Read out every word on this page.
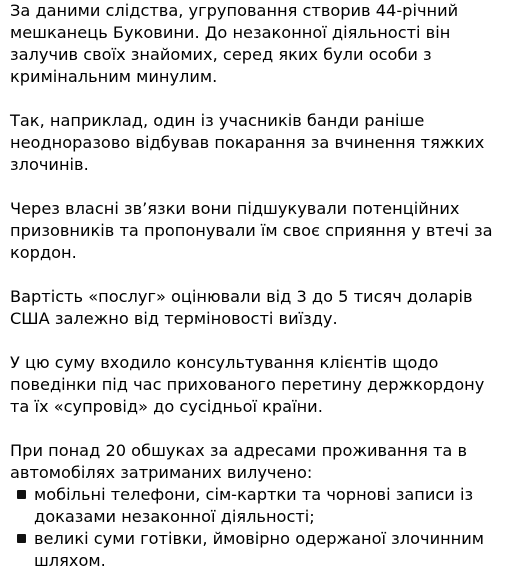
За даними слідства, угруповання створив 44-річний мешканець Буковини. До незаконної діяльності він залучив своїх знайомих, серед яких були особи з кримінальним минулим.

Так, наприклад, один із учасників банди раніше неодноразово відбував покарання за вчинення тяжких злочинів.

Через власні зв’язки вони підшукували потенційних призовників та пропонували їм своє сприяння у втечі за кордон.

Вартість «послуг» оцінювали від 3 до 5 тисяч доларів США залежно від терміновості виїзду.

У цю суму входило консультування клієнтів щодо поведінки під час прихованого перетину держкордону та їх «супровід» до сусідньої країни.

При понад 20 обшуках за адресами проживання та в автомобілях затриманих вилучено:

мобільні телефони, сім-картки та чорнові записи із доказами незаконної діяльності;
великі суми готівки, ймовірно одержаної злочинним шляхом.
